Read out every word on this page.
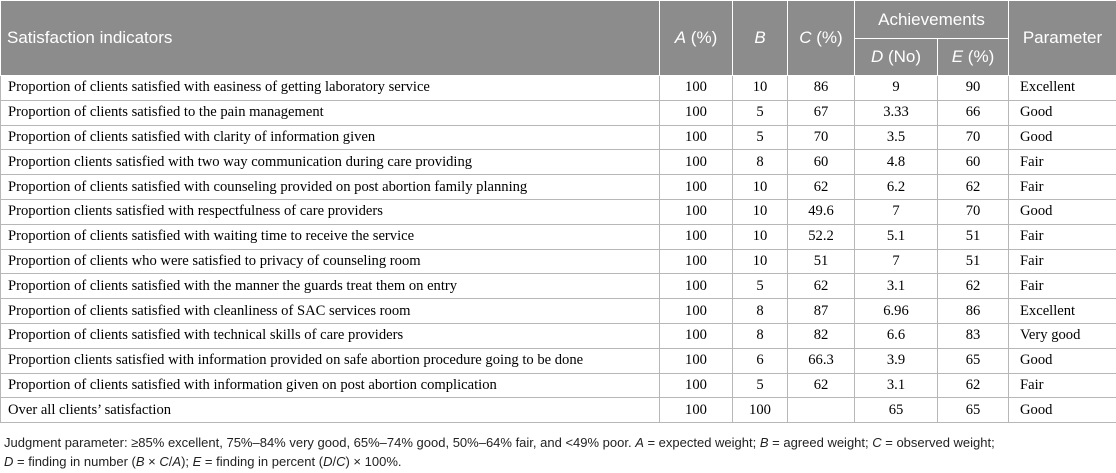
Satisfaction indicators	A (%)	B	C (%)	Achievements		Parameter
				D (No)	E (%)	
Proportion of clients satisfied with easiness of getting laboratory service	100	10	86	9	90	Excellent
Proportion of clients satisfied to the pain management	100	5	67	3.33	66	Good
Proportion of clients satisfied with clarity of information given	100	5	70	3.5	70	Good
Proportion clients satisfied with two way communication during care providing	100	8	60	4.8	60	Fair
Proportion of clients satisfied with counseling provided on post abortion family planning	100	10	62	6.2	62	Fair
Proportion clients satisfied with respectfulness of care providers	100	10	49.6	7	70	Good
Proportion of clients satisfied with waiting time to receive the service	100	10	52.2	5.1	51	Fair
Proportion of clients who were satisfied to privacy of counseling room	100	10	51	7	51	Fair
Proportion of clients satisfied with the manner the guards treat them on entry	100	5	62	3.1	62	Fair
Proportion of clients satisfied with cleanliness of SAC services room	100	8	87	6.96	86	Excellent
Proportion of clients satisfied with technical skills of care providers	100	8	82	6.6	83	Very good
Proportion clients satisfied with information provided on safe abortion procedure going to be done	100	6	66.3	3.9	65	Good
Proportion of clients satisfied with information given on post abortion complication	100	5	62	3.1	62	Fair
Over all clients’ satisfaction	100	100		65	65	Good
Judgment parameter: ≥85% excellent, 75%–84% very good, 65%–74% good, 50%–64% fair, and <49% poor. A = expected weight; B = agreed weight; C = observed weight;
D = finding in number (B × C/A); E = finding in percent (D/C) × 100%.
